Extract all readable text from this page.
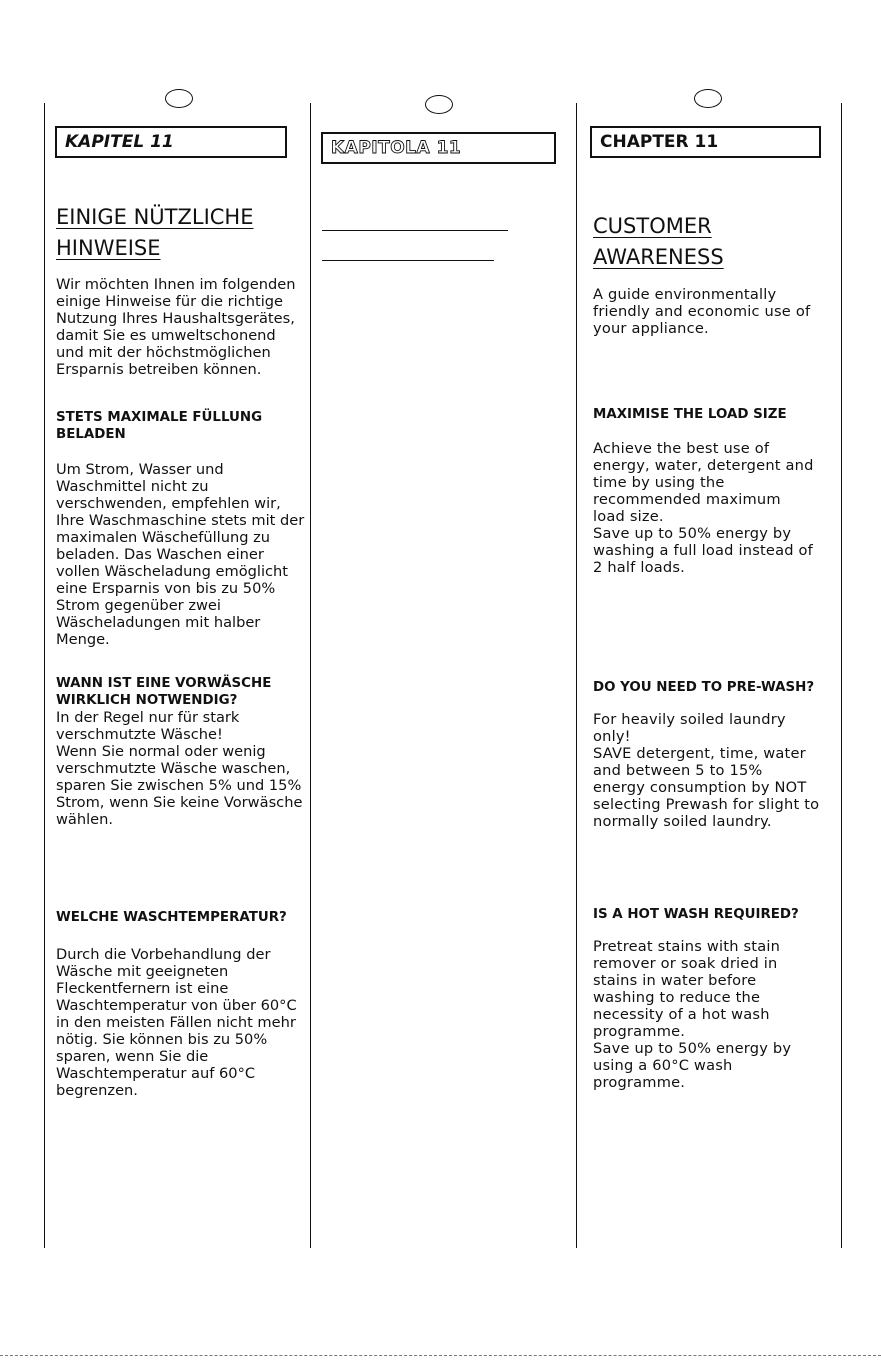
KAPITEL 11
EINIGE NÜTZLICHE
HINWEISE
Wir möchten Ihnen im folgenden
einige Hinweise für die richtige
Nutzung Ihres Haushaltsgerätes,
damit Sie es umweltschonend
und mit der höchstmöglichen
Ersparnis betreiben können.
STETS MAXIMALE FÜLLUNG
BELADEN
Um Strom, Wasser und
Waschmittel nicht zu
verschwenden, empfehlen wir,
Ihre Waschmaschine stets mit der
maximalen Wäschefüllung zu
beladen. Das Waschen einer
vollen Wäscheladung emöglicht
eine Ersparnis von bis zu 50%
Strom gegenüber zwei
Wäscheladungen mit halber
Menge.
WANN IST EINE VORWÄSCHE
WIRKLICH NOTWENDIG?
In der Regel nur für stark
verschmutzte Wäsche!
Wenn Sie normal oder wenig
verschmutzte Wäsche waschen,
sparen Sie zwischen 5% und 15%
Strom, wenn Sie keine Vorwäsche
wählen.
WELCHE WASCHTEMPERATUR?
Durch die Vorbehandlung der
Wäsche mit geeigneten
Fleckentfernern ist eine
Waschtemperatur von über 60°C
in den meisten Fällen nicht mehr
nötig. Sie können bis zu 50%
sparen, wenn Sie die
Waschtemperatur auf 60°C
begrenzen.
KAPITOLA 11	CHAPTER 11
CUSTOMER
AWARENESS
A guide environmentally
friendly and economic use of
your appliance.
MAXIMISE THE LOAD SIZE
Achieve the best use of
energy, water, detergent and
time by using the
recommended maximum
load size.
Save up to 50% energy by
washing a full load instead of
2 half loads.
DO YOU NEED TO PRE-WASH?
For heavily soiled laundry
only!
SAVE detergent, time, water
and between 5 to 15%
energy consumption by NOT
selecting Prewash for slight to
normally soiled laundry.
IS A HOT WASH REQUIRED?
Pretreat stains with stain
remover or soak dried in
stains in water before
washing to reduce the
necessity of a hot wash
programme.
Save up to 50% energy by
using a 60°C wash
programme.
